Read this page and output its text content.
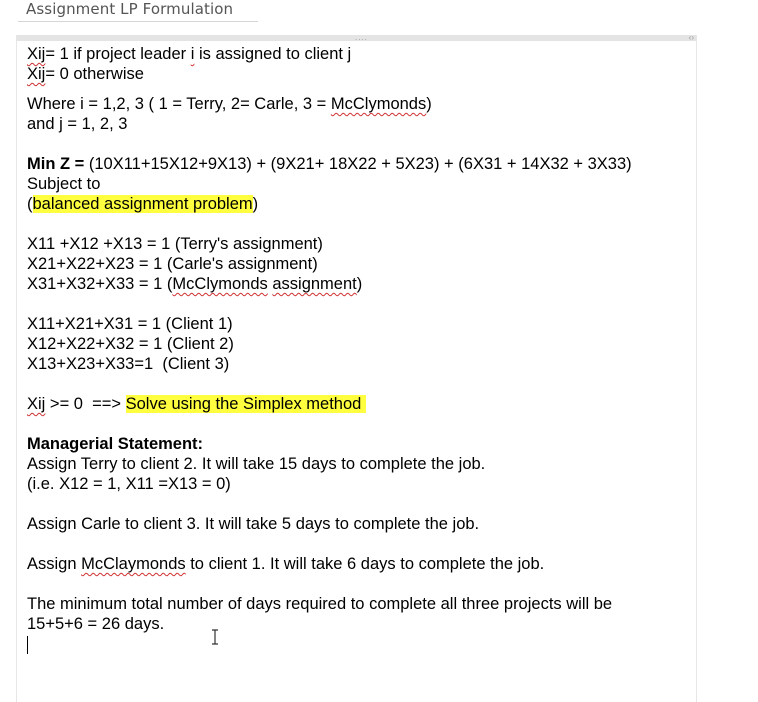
Assignment LP Formulation
....	‹›
Xij= 1 if project leader i is assigned to client j
Xij= 0 otherwise
Where i = 1,2, 3 ( 1 = Terry, 2= Carle, 3 = McClymonds)
and j = 1, 2, 3
Min Z = (10X11+15X12+9X13) + (9X21+ 18X22 + 5X23) + (6X31 + 14X32 + 3X33)
Subject to
(balanced assignment problem)
X11 +X12 +X13 = 1 (Terry's assignment)
X21+X22+X23 = 1 (Carle's assignment)
X31+X32+X33 = 1 (McClymonds assignment)
X11+X21+X31 = 1 (Client 1)
X12+X22+X32 = 1 (Client 2)
X13+X23+X33=1  (Client 3)
Xij >= 0  ==> Solve using the Simplex method
Managerial Statement:
Assign Terry to client 2. It will take 15 days to complete the job.
(i.e. X12 = 1, X11 =X13 = 0)
Assign Carle to client 3. It will take 5 days to complete the job.
Assign McClaymonds to client 1. It will take 6 days to complete the job.
The minimum total number of days required to complete all three projects will be
15+5+6 = 26 days.
